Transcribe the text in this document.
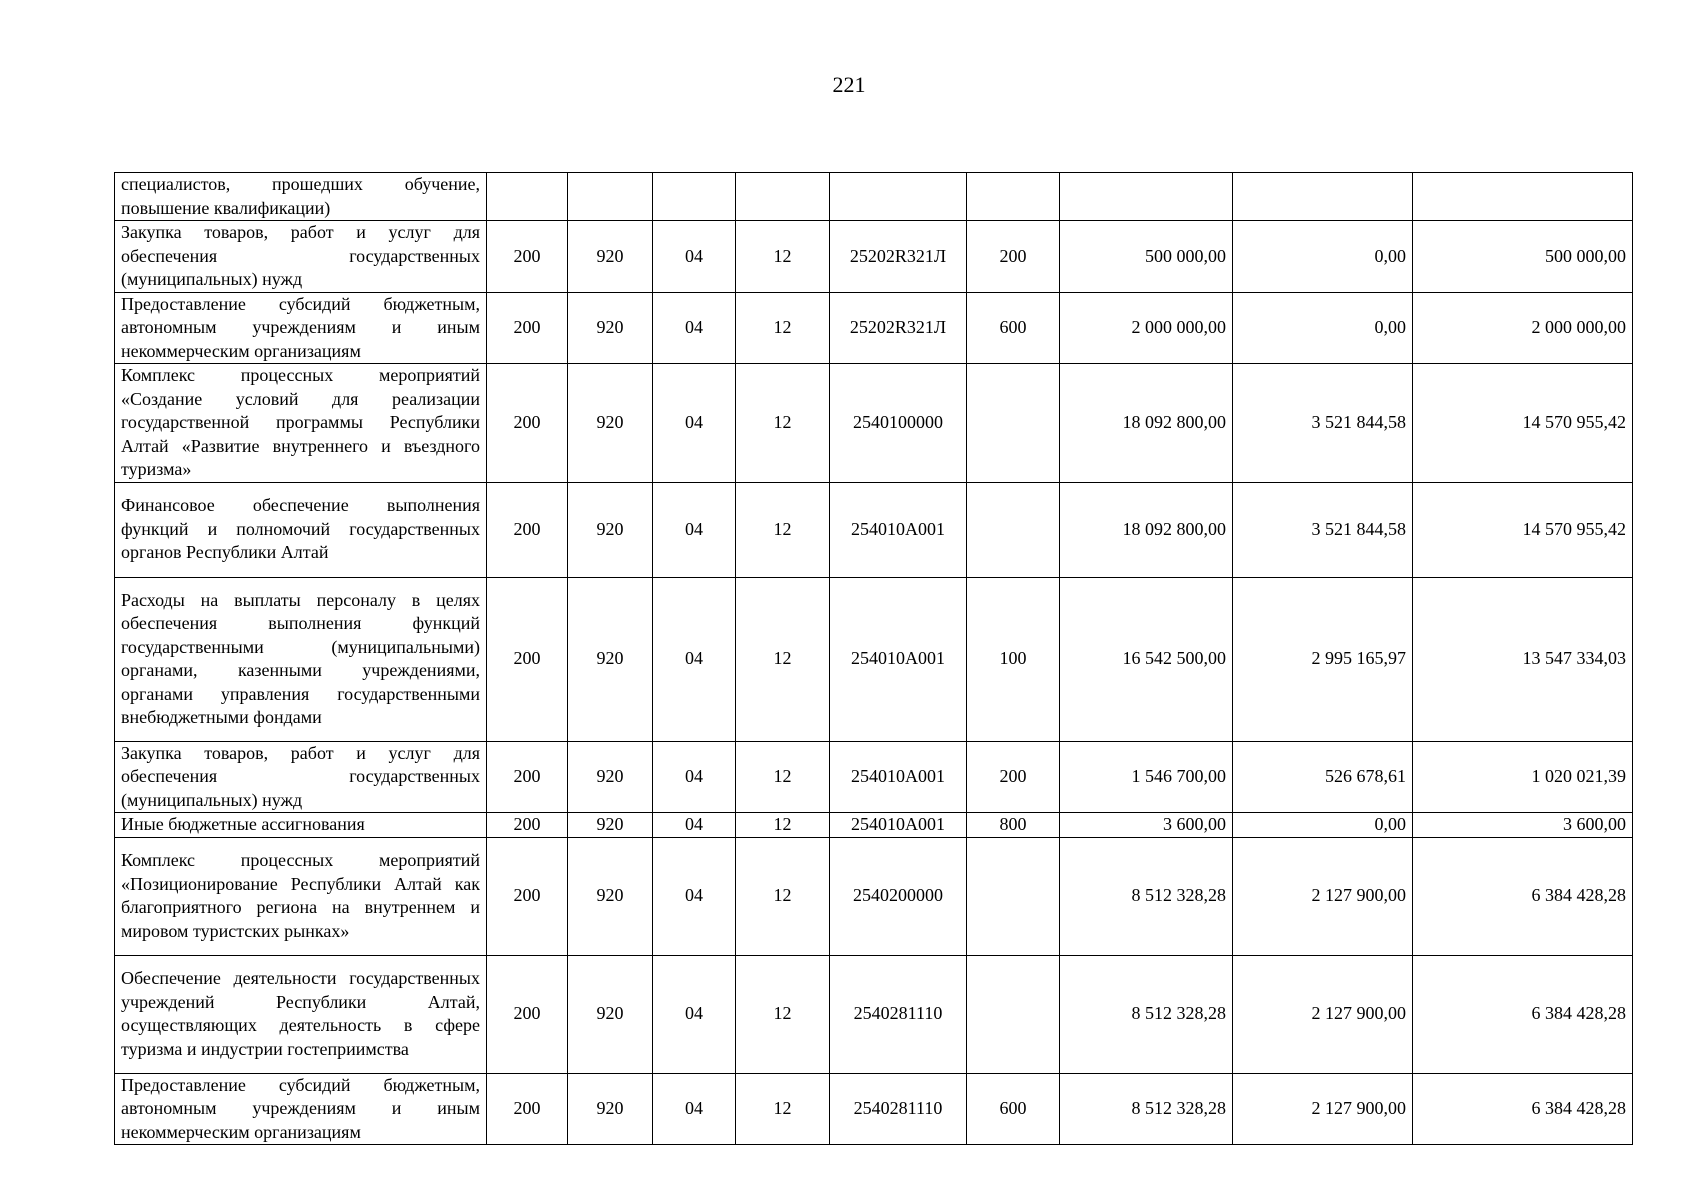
221
специалистов, прошедших обучение, повышение квалификации)									
Закупка товаров, работ и услуг для обеспечения государственных (муниципальных) нужд	200	920	04	12	25202R321Л	200	500 000,00	0,00	500 000,00
Предоставление субсидий бюджетным, автономным учреждениям и иным некоммерческим организациям	200	920	04	12	25202R321Л	600	2 000 000,00	0,00	2 000 000,00
Комплекс процессных мероприятий «Создание условий для реализации государственной программы Республики Алтай «Развитие внутреннего и въездного туризма»	200	920	04	12	2540100000		18 092 800,00	3 521 844,58	14 570 955,42
Финансовое обеспечение выполнения функций и полномочий государственных органов Республики Алтай	200	920	04	12	254010A001		18 092 800,00	3 521 844,58	14 570 955,42
Расходы на выплаты персоналу в целях обеспечения выполнения функций государственными (муниципальными) органами, казенными учреждениями, органами управления государственными внебюджетными фондами	200	920	04	12	254010A001	100	16 542 500,00	2 995 165,97	13 547 334,03
Закупка товаров, работ и услуг для обеспечения государственных (муниципальных) нужд	200	920	04	12	254010A001	200	1 546 700,00	526 678,61	1 020 021,39
Иные бюджетные ассигнования	200	920	04	12	254010A001	800	3 600,00	0,00	3 600,00
Комплекс процессных мероприятий «Позиционирование Республики Алтай как благоприятного региона на внутреннем и мировом туристских рынках»	200	920	04	12	2540200000		8 512 328,28	2 127 900,00	6 384 428,28
Обеспечение деятельности государственных учреждений Республики Алтай, осуществляющих деятельность в сфере туризма и индустрии гостеприимства	200	920	04	12	2540281110		8 512 328,28	2 127 900,00	6 384 428,28
Предоставление субсидий бюджетным, автономным учреждениям и иным некоммерческим организациям	200	920	04	12	2540281110	600	8 512 328,28	2 127 900,00	6 384 428,28
